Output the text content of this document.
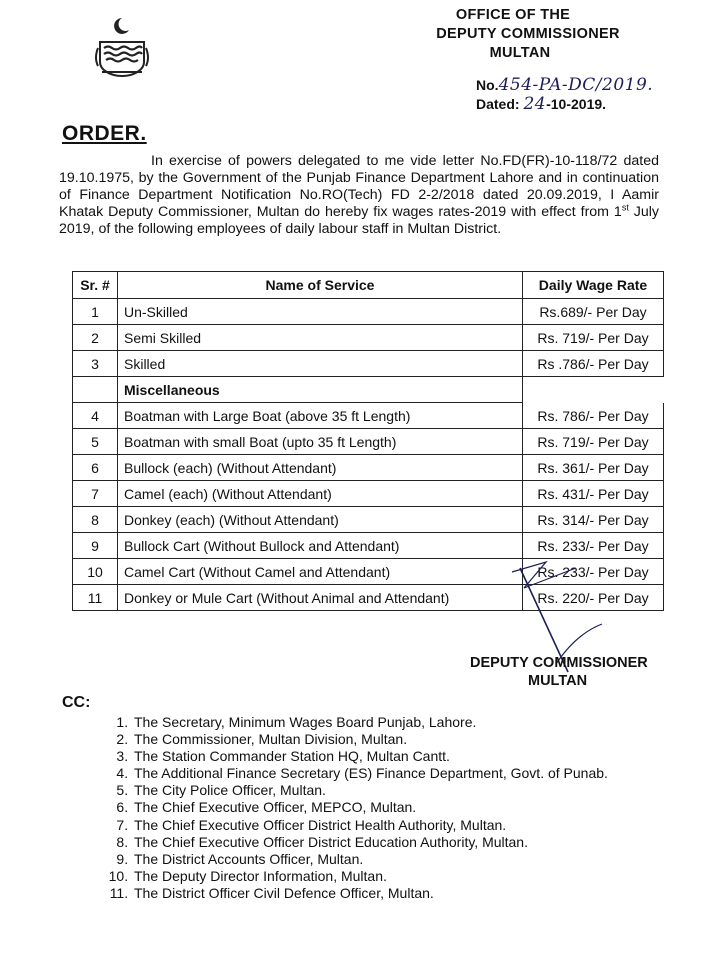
OFFICE OF THE
DEPUTY COMMISSIONER
MULTAN
No.454-PA-DC/2019.
Dated: 24-10-2019.
ORDER.
In exercise of powers delegated to me vide letter No.FD(FR)-10-118/72 dated 19.10.1975, by the Government of the Punjab Finance Department Lahore and in continuation of Finance Department Notification No.RO(Tech) FD 2-2/2018 dated 20.09.2019, I Aamir Khatak Deputy Commissioner, Multan do hereby fix wages rates-2019 with effect from 1st July 2019, of the following employees of daily labour staff in Multan District.
Sr. #	Name of Service	Daily Wage Rate
1	Un-Skilled	Rs.689/- Per Day
2	Semi Skilled	Rs. 719/- Per Day
3	Skilled	Rs .786/- Per Day
	Miscellaneous	
4	Boatman with Large Boat (above 35 ft Length)	Rs. 786/- Per Day
5	Boatman with small Boat (upto 35 ft Length)	Rs. 719/- Per Day
6	Bullock (each) (Without Attendant)	Rs. 361/- Per Day
7	Camel (each) (Without Attendant)	Rs. 431/- Per Day
8	Donkey (each) (Without Attendant)	Rs. 314/- Per Day
9	Bullock Cart (Without Bullock and Attendant)	Rs. 233/- Per Day
10	Camel Cart (Without Camel and Attendant)	Rs. 233/- Per Day
11	Donkey or Mule Cart (Without Animal and Attendant)	Rs. 220/- Per Day
DEPUTY COMMISSIONER
MULTAN
CC:
1. The Secretary, Minimum Wages Board Punjab, Lahore.
2. The Commissioner, Multan Division, Multan.
3. The Station Commander Station HQ, Multan Cantt.
4. The Additional Finance Secretary (ES) Finance Department, Govt. of Punab.
5. The City Police Officer, Multan.
6. The Chief Executive Officer, MEPCO, Multan.
7. The Chief Executive Officer District Health Authority, Multan.
8. The Chief Executive Officer District Education Authority, Multan.
9. The District Accounts Officer, Multan.
10. The Deputy Director Information, Multan.
11. The District Officer Civil Defence Officer, Multan.
